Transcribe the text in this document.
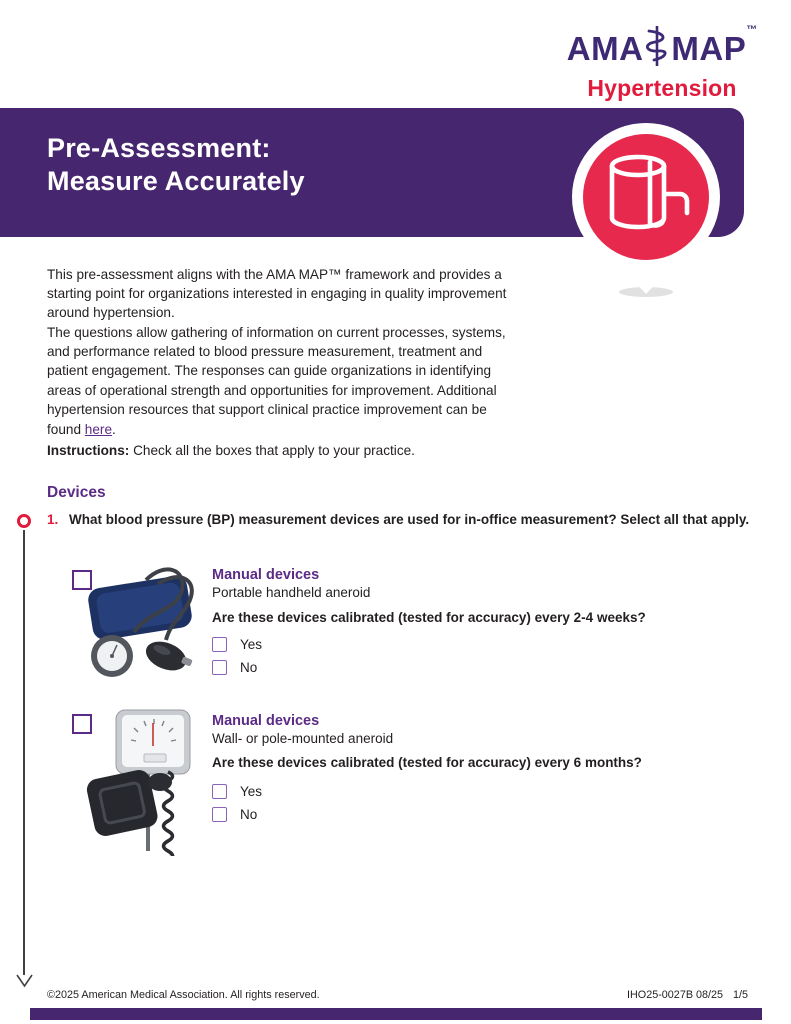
AMA MAP ™
Hypertension
Pre-Assessment:
Measure Accurately

This pre-assessment aligns with the AMA MAP™ framework and provides a starting point for organizations interested in engaging in quality improvement around hypertension.

The questions allow gathering of information on current processes, systems, and performance related to blood pressure measurement, treatment and patient engagement. The responses can guide organizations in identifying areas of operational strength and opportunities for improvement. Additional hypertension resources that support clinical practice improvement can be found here.

Instructions: Check all the boxes that apply to your practice.

Devices
1. What blood pressure (BP) measurement devices are used for in-office measurement? Select all that apply.
Manual devices
Portable handheld aneroid
Are these devices calibrated (tested for accuracy) every 2-4 weeks?
Yes
No
Manual devices
Wall- or pole-mounted aneroid
Are these devices calibrated (tested for accuracy) every 6 months?
Yes
No
©2025 American Medical Association. All rights reserved.	IHO25-0027B 08/25 1/5
